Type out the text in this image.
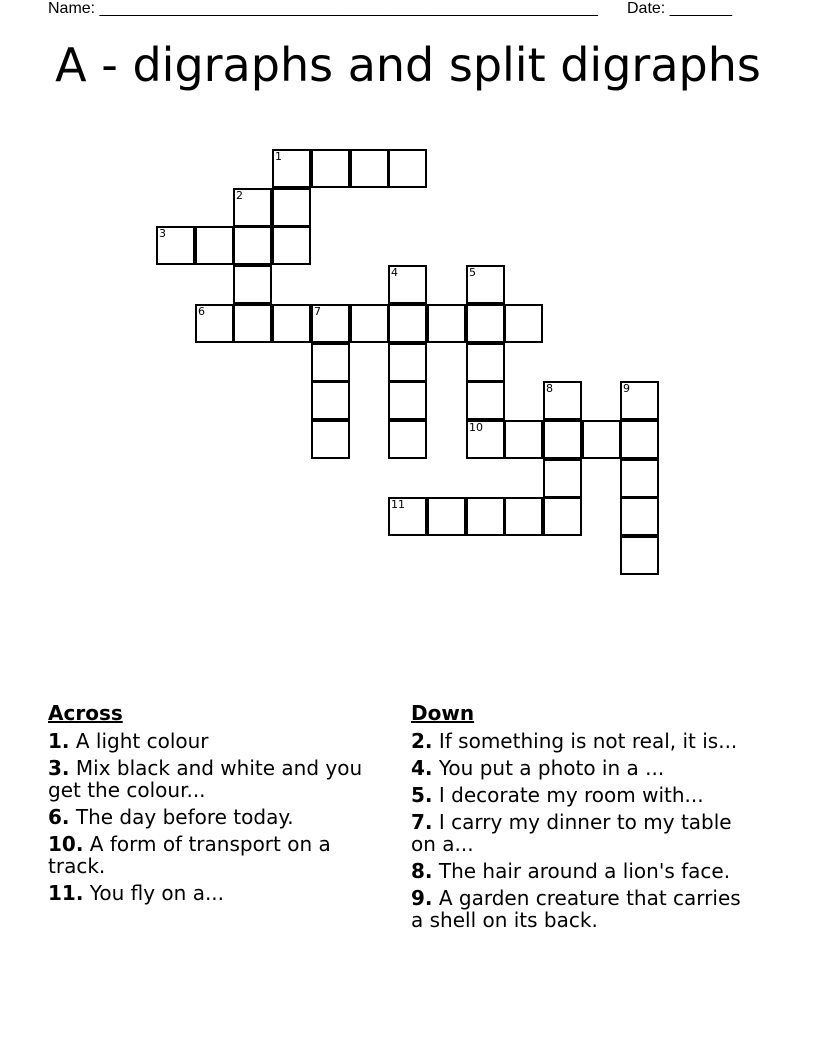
Name: ________________________________________________________ Date: _______
A - digraphs and split digraphs
1
2
3
4	5
6	7
8	9
10
11
Across
1. A light colour
3. Mix black and white and you get the colour...
6. The day before today.
10. A form of transport on a track.
11. You fly on a...
Down
2. If something is not real, it is...
4. You put a photo in a ...
5. I decorate my room with...
7. I carry my dinner to my table on a...
8. The hair around a lion's face.
9. A garden creature that carries a shell on its back.
